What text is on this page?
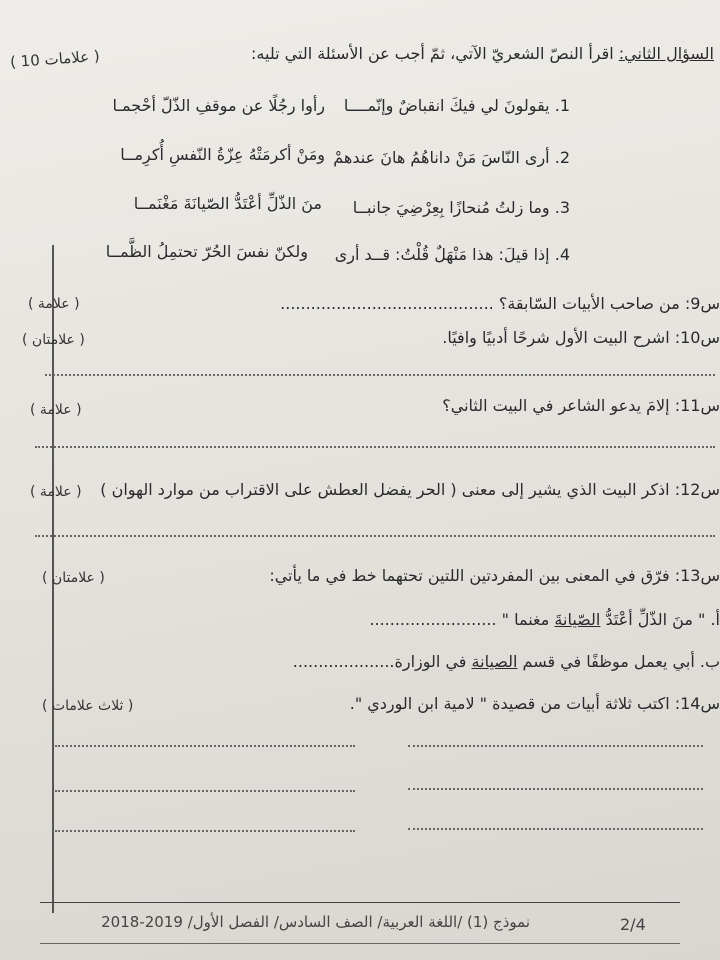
السؤال الثاني: اقرأ النصّ الشعريّ الآتي، ثمّ أجب عن الأسئلة التي تليه:
( 10 علامات )
1. يقولونَ لي فيكَ انقباضٌ وإنّمــــا
رأوا رجُلًا عن موقفِ الذّلّ أحْجمـا
2. أرى النّاسَ مَنْ داناهُمُ هانَ عندهمْ
ومَنْ أكرمَتْهُ عِزّةُ النّفسِ أُكرِمــا
3. وما زلتُ مُنحازًا بِعِرْضِيَ جانبــا
منَ الذّلِّ أعْتَدُّ الصّيانَةَ مَغْنَمــا
4. إذا قيلَ: هذا مَنْهَلٌ قُلْتُ: قــد أرى
ولكنّ نفسَ الحُرّ تحتمِلُ الظَّمــا
س9: من صاحب الأبيات السّابقة؟ ..........................................
( علامة )
س10: اشرح البيت الأول شرحًا أدبيًا وافيًا.
( علامتان )
س11: إلامَ يدعو الشاعر في البيت الثاني؟
( علامة )
س12: اذكر البيت الذي يشير إلى معنى ( الحر يفضل العطش على الاقتراب من موارد الهوان )
( علامة )
س13: فرّق في المعنى بين المفردتين اللتين تحتهما خط في ما يأتي:
( علامتان )
أ. " منَ الذّلِّ أعْتَدُّ الصّيانةَ مغنما " .........................
ب. أبي يعمل موظفًا في قسم الصيانة في الوزارة....................
س14: اكتب ثلاثة أبيات من قصيدة " لامية ابن الوردي ".
( ثلاث علامات )
نموذج (1) /اللغة العربية/ الصف السادس/ الفصل الأول/ 2019-2018	2/4
